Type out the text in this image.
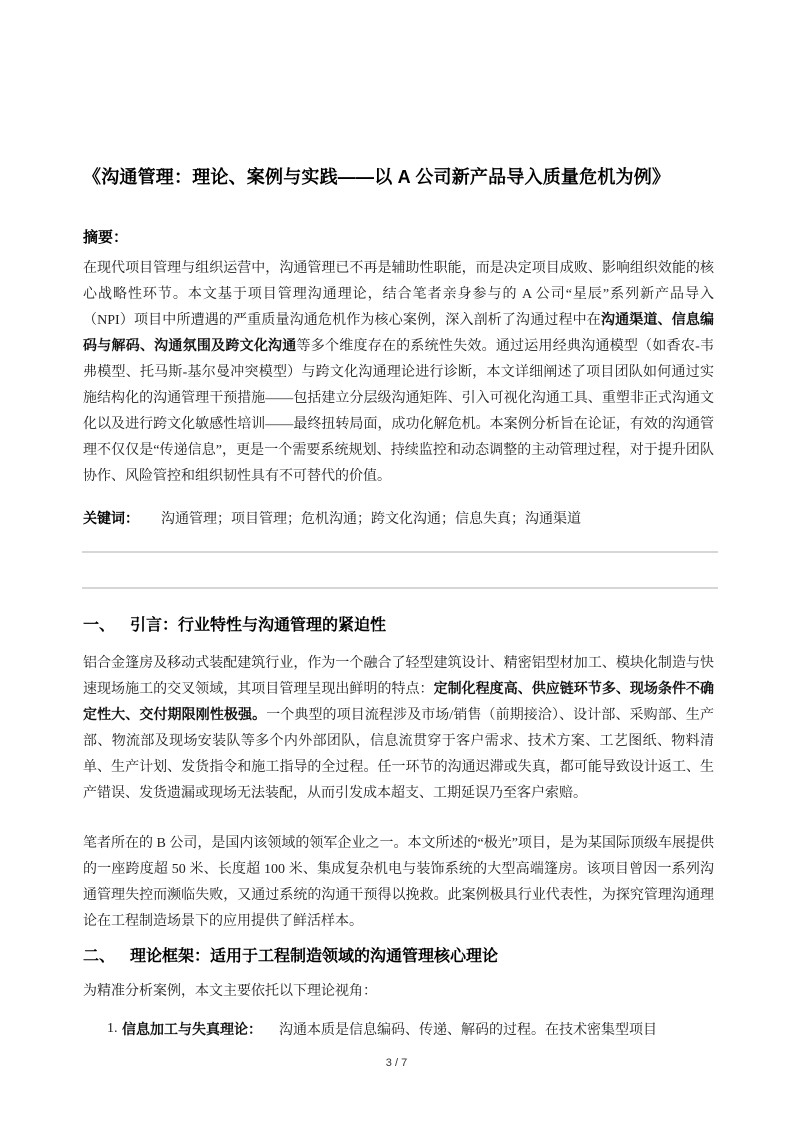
《沟通管理：理论、案例与实践——以 A 公司新产品导入质量危机为例》
摘要：

在现代项目管理与组织运营中，沟通管理已不再是辅助性职能，而是决定项目成败、影响组织效能的核心战略性环节。本文基于项目管理沟通理论，结合笔者亲身参与的 A 公司“星辰”系列新产品导入（NPI）项目中所遭遇的严重质量沟通危机作为核心案例，深入剖析了沟通过程中在沟通渠道、信息编码与解码、沟通氛围及跨文化沟通等多个维度存在的系统性失效。通过运用经典沟通模型（如香农-韦弗模型、托马斯-基尔曼冲突模型）与跨文化沟通理论进行诊断，本文详细阐述了项目团队如何通过实施结构化的沟通管理干预措施——包括建立分层级沟通矩阵、引入可视化沟通工具、重塑非正式沟通文化以及进行跨文化敏感性培训——最终扭转局面，成功化解危机。本案例分析旨在论证，有效的沟通管理不仅仅是“传递信息”，更是一个需要系统规划、持续监控和动态调整的主动管理过程，对于提升团队协作、风险管控和组织韧性具有不可替代的价值。

关键词： 沟通管理；项目管理；危机沟通；跨文化沟通；信息失真；沟通渠道
一、 引言：行业特性与沟通管理的紧迫性

铝合金篷房及移动式装配建筑行业，作为一个融合了轻型建筑设计、精密铝型材加工、模块化制造与快速现场施工的交叉领域，其项目管理呈现出鲜明的特点：定制化程度高、供应链环节多、现场条件不确定性大、交付期限刚性极强。一个典型的项目流程涉及市场/销售（前期接洽）、设计部、采购部、生产部、物流部及现场安装队等多个内外部团队，信息流贯穿于客户需求、技术方案、工艺图纸、物料清单、生产计划、发货指令和施工指导的全过程。任一环节的沟通迟滞或失真，都可能导致设计返工、生产错误、发货遗漏或现场无法装配，从而引发成本超支、工期延误乃至客户索赔。

笔者所在的 B 公司，是国内该领域的领军企业之一。本文所述的“极光”项目，是为某国际顶级车展提供的一座跨度超 50 米、长度超 100 米、集成复杂机电与装饰系统的大型高端篷房。该项目曾因一系列沟通管理失控而濒临失败，又通过系统的沟通干预得以挽救。此案例极具行业代表性，为探究管理沟通理论在工程制造场景下的应用提供了鲜活样本。

二、 理论框架：适用于工程制造领域的沟通管理核心理论

为精准分析案例，本文主要依托以下理论视角：

1. 信息加工与失真理论： 沟通本质是信息编码、传递、解码的过程。在技术密集型项目
3 / 7
